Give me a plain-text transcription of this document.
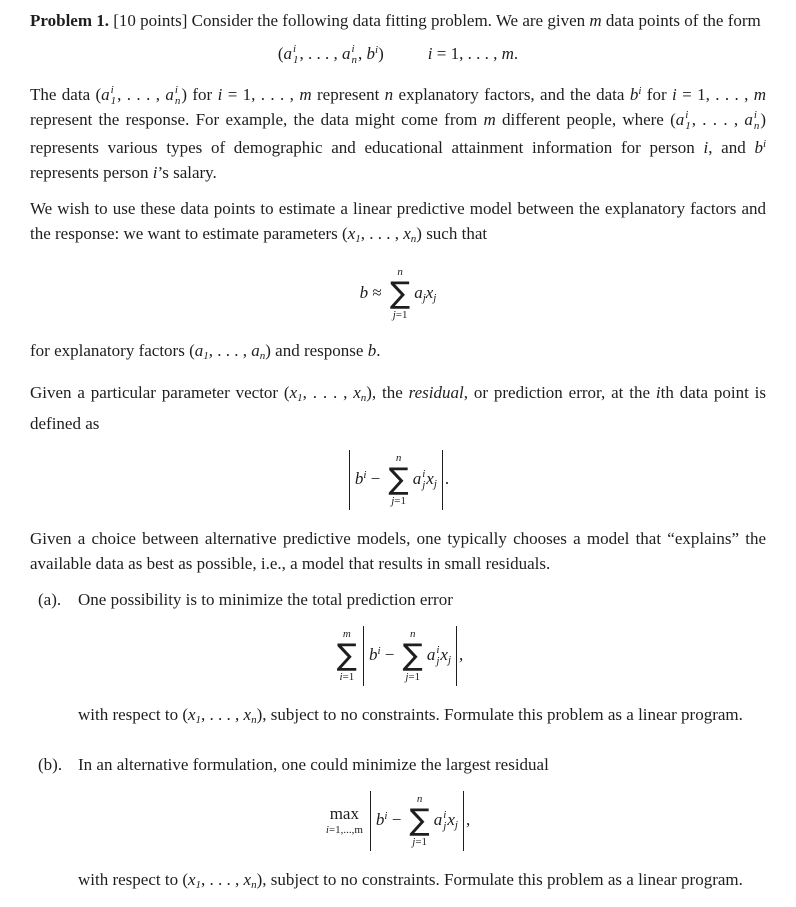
Problem 1. [10 points] Consider the following data fitting problem. We are given m data points of the form

(a i
1 , . . . , a i
n , $b^i$)	i = 1, . . . , m.

The data (a i
1 , . . . , a i
n ) for i = 1, . . . , m represent n explanatory factors, and the data $b^i$ for i = 1, . . . , m represent the response. For example, the data might come from m different people, where (a i
1 , . . . , a i
n ) represents various types of demographic and educational attainment information for person i, and $b^i$ represents person i’s salary.

We wish to use these data points to estimate a linear predictive model between the explanatory factors and the response: we want to estimate parameters (x1, . . . , xn) such that

b ≈
n
∑
j=1
ajxj

for explanatory factors (a1, . . . , an) and response b.

Given a particular parameter vector (x1, . . . , xn), the residual, or prediction error, at the ith data point is defined as

$b^i$ −
n
∑
j=1
a i
j xj .

Given a choice between alternative predictive models, one typically chooses a model that “explains” the available data as best as possible, i.e., a model that results in small residuals.

(a). One possibility is to minimize the total prediction error

m
∑
i=1
$b^i$ −
n
∑
j=1
a i
j xj ,

with respect to (x1, . . . , xn), subject to no constraints. Formulate this problem as a linear program.

(b). In an alternative formulation, one could minimize the largest residual

max
i=1,...,m
$b^i$ −
n
∑
j=1
a i
j xj ,

with respect to (x1, . . . , xn), subject to no constraints. Formulate this problem as a linear program.
